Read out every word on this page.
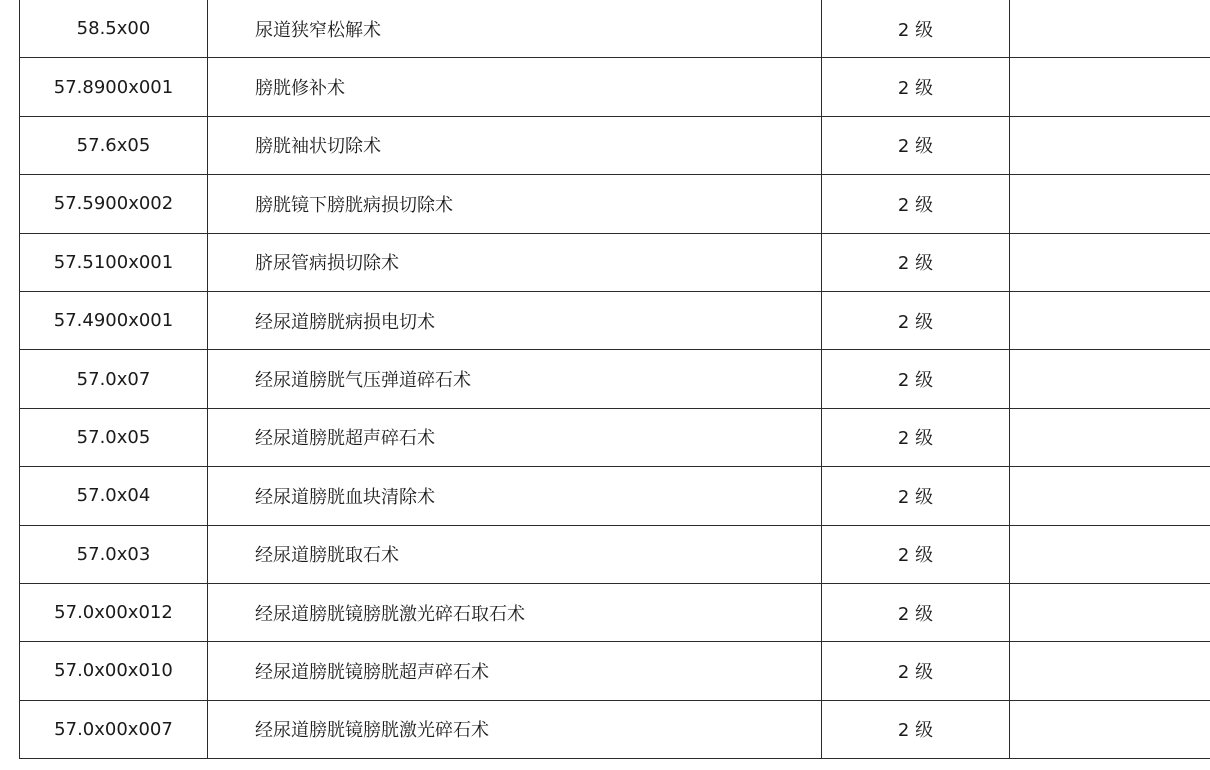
58.5x00	尿道狭窄松解术	2 级	
57.8900x001	膀胱修补术	2 级	
57.6x05	膀胱袖状切除术	2 级	
57.5900x002	膀胱镜下膀胱病损切除术	2 级	
57.5100x001	脐尿管病损切除术	2 级	
57.4900x001	经尿道膀胱病损电切术	2 级	
57.0x07	经尿道膀胱气压弹道碎石术	2 级	
57.0x05	经尿道膀胱超声碎石术	2 级	
57.0x04	经尿道膀胱血块清除术	2 级	
57.0x03	经尿道膀胱取石术	2 级	
57.0x00x012	经尿道膀胱镜膀胱激光碎石取石术	2 级	
57.0x00x010	经尿道膀胱镜膀胱超声碎石术	2 级	
57.0x00x007	经尿道膀胱镜膀胱激光碎石术	2 级	
